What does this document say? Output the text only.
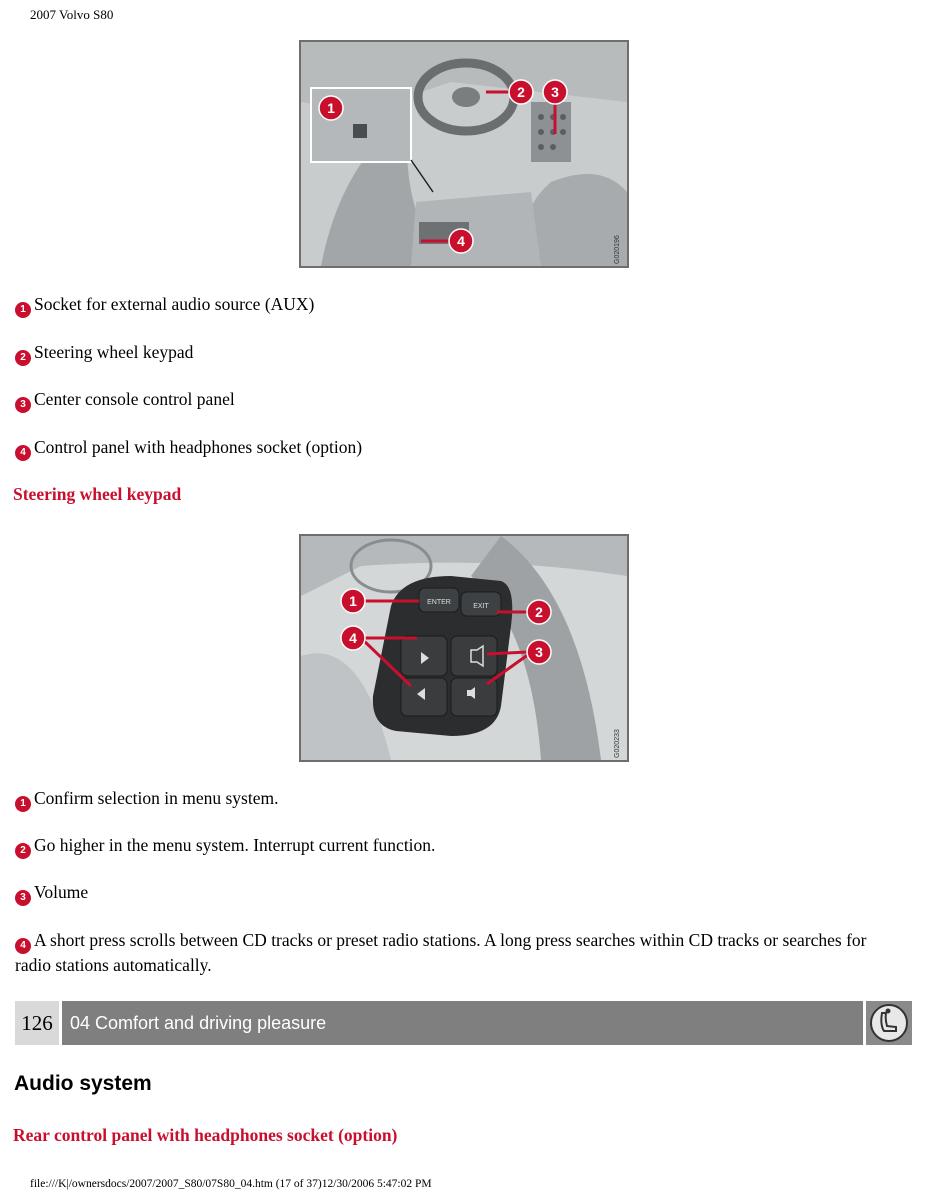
2007 Volvo S80
1
2 3
4	G020196
1 Socket for external audio source (AUX)
2 Steering wheel keypad
3 Center console control panel
4 Control panel with headphones socket (option)
Steering wheel keypad
ENTER
EXIT
1
2
4
3
G020233
1 Confirm selection in menu system.
2 Go higher in the menu system. Interrupt current function.
3 Volume
4 A short press scrolls between CD tracks or preset radio stations. A long press searches within CD tracks or searches for radio stations automatically.
126 04 Comfort and driving pleasure
Audio system
Rear control panel with headphones socket (option)
file:///K|/ownersdocs/2007/2007_S80/07S80_04.htm (17 of 37)12/30/2006 5:47:02 PM
